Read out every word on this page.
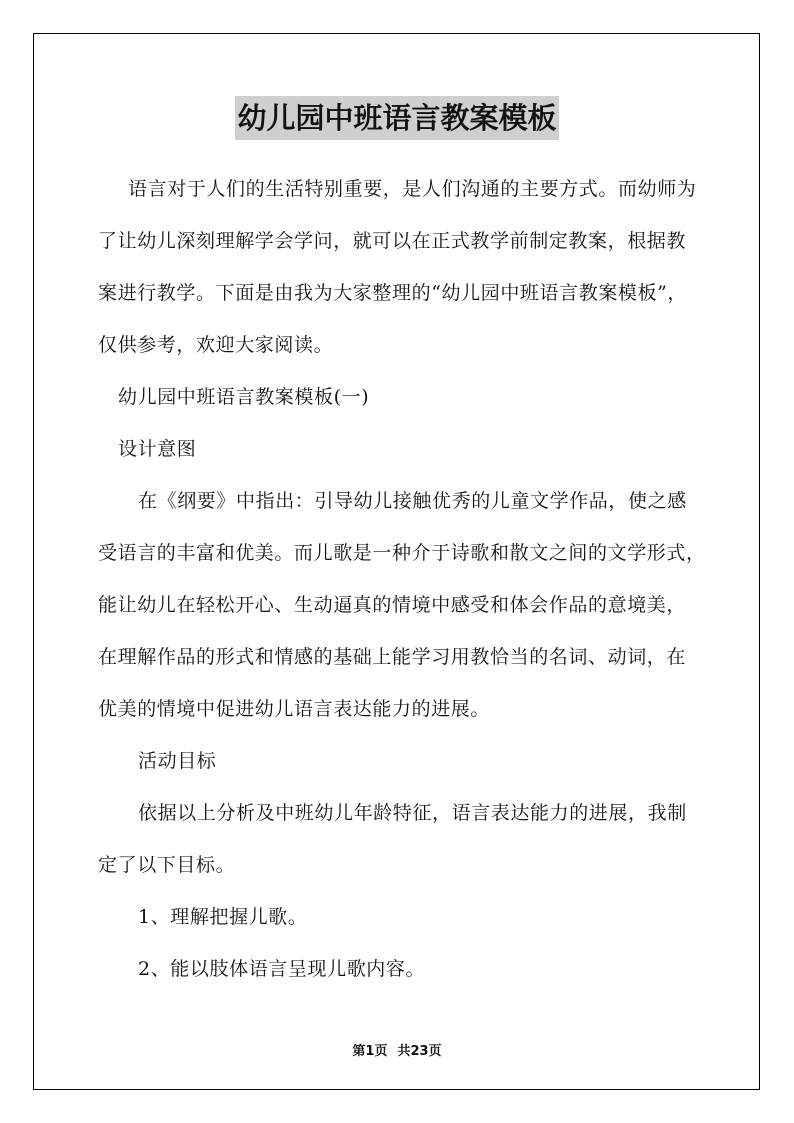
幼儿园中班语言教案模板

语言对于人们的生活特别重要，是人们沟通的主要方式。而幼师为

了让幼儿深刻理解学会学问，就可以在正式教学前制定教案，根据教

案进行教学。下面是由我为大家整理的“幼儿园中班语言教案模板”，

仅供参考，欢迎大家阅读。

幼儿园中班语言教案模板(一)

设计意图

在《纲要》中指出：引导幼儿接触优秀的儿童文学作品，使之感

受语言的丰富和优美。而儿歌是一种介于诗歌和散文之间的文学形式，

能让幼儿在轻松开心、生动逼真的情境中感受和体会作品的意境美，

在理解作品的形式和情感的基础上能学习用教恰当的名词、动词，在

优美的情境中促进幼儿语言表达能力的进展。

活动目标

依据以上分析及中班幼儿年龄特征，语言表达能力的进展，我制

定了以下目标。

1、理解把握儿歌。

2、能以肢体语言呈现儿歌内容。

第1页 共23页
